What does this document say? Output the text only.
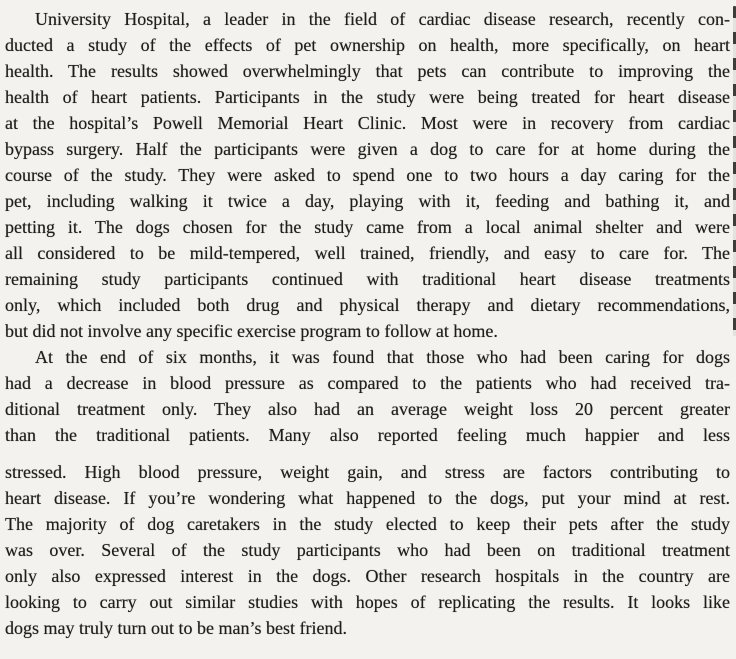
University Hospital, a leader in the field of cardiac disease research, recently con-
ducted a study of the effects of pet ownership on health, more specifically, on heart
health. The results showed overwhelmingly that pets can contribute to improving the
health of heart patients. Participants in the study were being treated for heart disease
at the hospital’s Powell Memorial Heart Clinic. Most were in recovery from cardiac
bypass surgery. Half the participants were given a dog to care for at home during the
course of the study. They were asked to spend one to two hours a day caring for the
pet, including walking it twice a day, playing with it, feeding and bathing it, and
petting it. The dogs chosen for the study came from a local animal shelter and were
all considered to be mild-tempered, well trained, friendly, and easy to care for. The
remaining study participants continued with traditional heart disease treatments
only, which included both drug and physical therapy and dietary recommendations,
but did not involve any specific exercise program to follow at home.
At the end of six months, it was found that those who had been caring for dogs
had a decrease in blood pressure as compared to the patients who had received tra-
ditional treatment only. They also had an average weight loss 20 percent greater
than the traditional patients. Many also reported feeling much happier and less
stressed. High blood pressure, weight gain, and stress are factors contributing to
heart disease. If you’re wondering what happened to the dogs, put your mind at rest.
The majority of dog caretakers in the study elected to keep their pets after the study
was over. Several of the study participants who had been on traditional treatment
only also expressed interest in the dogs. Other research hospitals in the country are
looking to carry out similar studies with hopes of replicating the results. It looks like
dogs may truly turn out to be man’s best friend.
